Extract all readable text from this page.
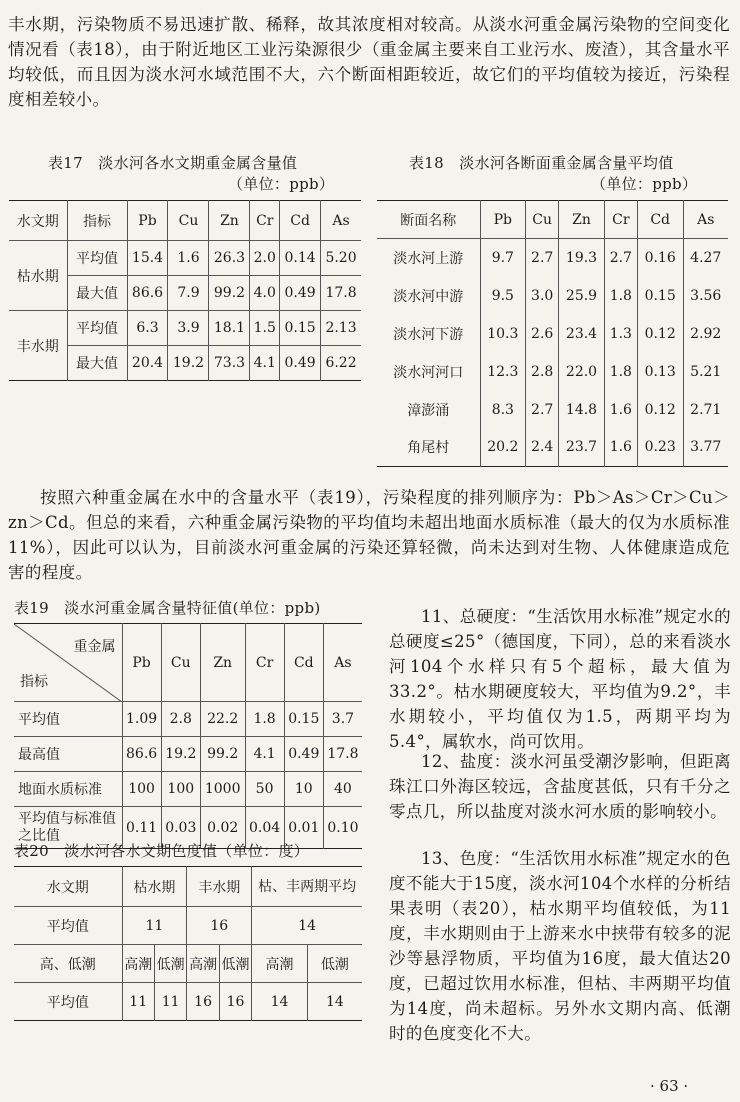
丰水期，污染物质不易迅速扩散、稀释，故其浓度相对较高。从淡水河重金属污染物的空间变化情况看（表18），由于附近地区工业污染源很少（重金属主要来自工业污水、废渣），其含量水平均较低，而且因为淡水河水域范围不大，六个断面相距较近，故它们的平均值较为接近，污染程度相差较小。
表17　淡水河各水文期重金属含量值
（单位：ppb）
水文期	指标	Pb	Cu	Zn	Cr	Cd	As
枯水期	平均值	15.4	1.6	26.3	2.0	0.14	5.20
	最大值	86.6	7.9	99.2	4.0	0.49	17.8
丰水期	平均值	6.3	3.9	18.1	1.5	0.15	2.13
	最大值	20.4	19.2	73.3	4.1	0.49	6.22
表18　淡水河各断面重金属含量平均值
（单位：ppb）
断面名称	Pb	Cu	Zn	Cr	Cd	As
淡水河上游	9.7	2.7	19.3	2.7	0.16	4.27
淡水河中游	9.5	3.0	25.9	1.8	0.15	3.56
淡水河下游	10.3	2.6	23.4	1.3	0.12	2.92
淡水河河口	12.3	2.8	22.0	1.8	0.13	5.21
漳澎涌	8.3	2.7	14.8	1.6	0.12	2.71
角尾村	20.2	2.4	23.7	1.6	0.23	3.77
按照六种重金属在水中的含量水平（表19），污染程度的排列顺序为：Pb＞As＞Cr＞Cu＞zn＞Cd。但总的来看，六种重金属污染物的平均值均未超出地面水质标准（最大的仅为水质标准11%），因此可以认为，目前淡水河重金属的污染还算轻微，尚未达到对生物、人体健康造成危害的程度。
表19　淡水河重金属含量特征值(单位：ppb)
重金属
指标	Pb	Cu	Zn	Cr	Cd	As
平均值	1.09	2.8	22.2	1.8	0.15	3.7
最高值	86.6	19.2	99.2	4.1	0.49	17.8
地面水质标准	100	100	1000	50	10	40
平均值与标准值之比值	0.11	0.03	0.02	0.04	0.01	0.10
表20　淡水河各水文期色度值（单位：度）
水文期	枯水期		丰水期		枯、丰两期平均	
平均值	11		16		14	
高、低潮	高潮	低潮	高潮	低潮	高潮	低潮
平均值	11	11	16	16	14	14
11、总硬度：“生活饮用水标准”规定水的总硬度≤25°（德国度，下同），总的来看淡水河104个水样只有5个超标，最大值为33.2°。枯水期硬度较大，平均值为9.2°，丰水期较小，平均值仅为1.5，两期平均为5.4°，属软水，尚可饮用。
12、盐度：淡水河虽受潮汐影响，但距离珠江口外海区较远，含盐度甚低，只有千分之零点几，所以盐度对淡水河水质的影响较小。
13、色度：“生活饮用水标准”规定水的色度不能大于15度，淡水河104个水样的分析结果表明（表20），枯水期平均值较低，为11度，丰水期则由于上游来水中挟带有较多的泥沙等悬浮物质，平均值为16度，最大值达20度，已超过饮用水标准，但枯、丰两期平均值为14度，尚未超标。另外水文期内高、低潮时的色度变化不大。
· 63 ·
